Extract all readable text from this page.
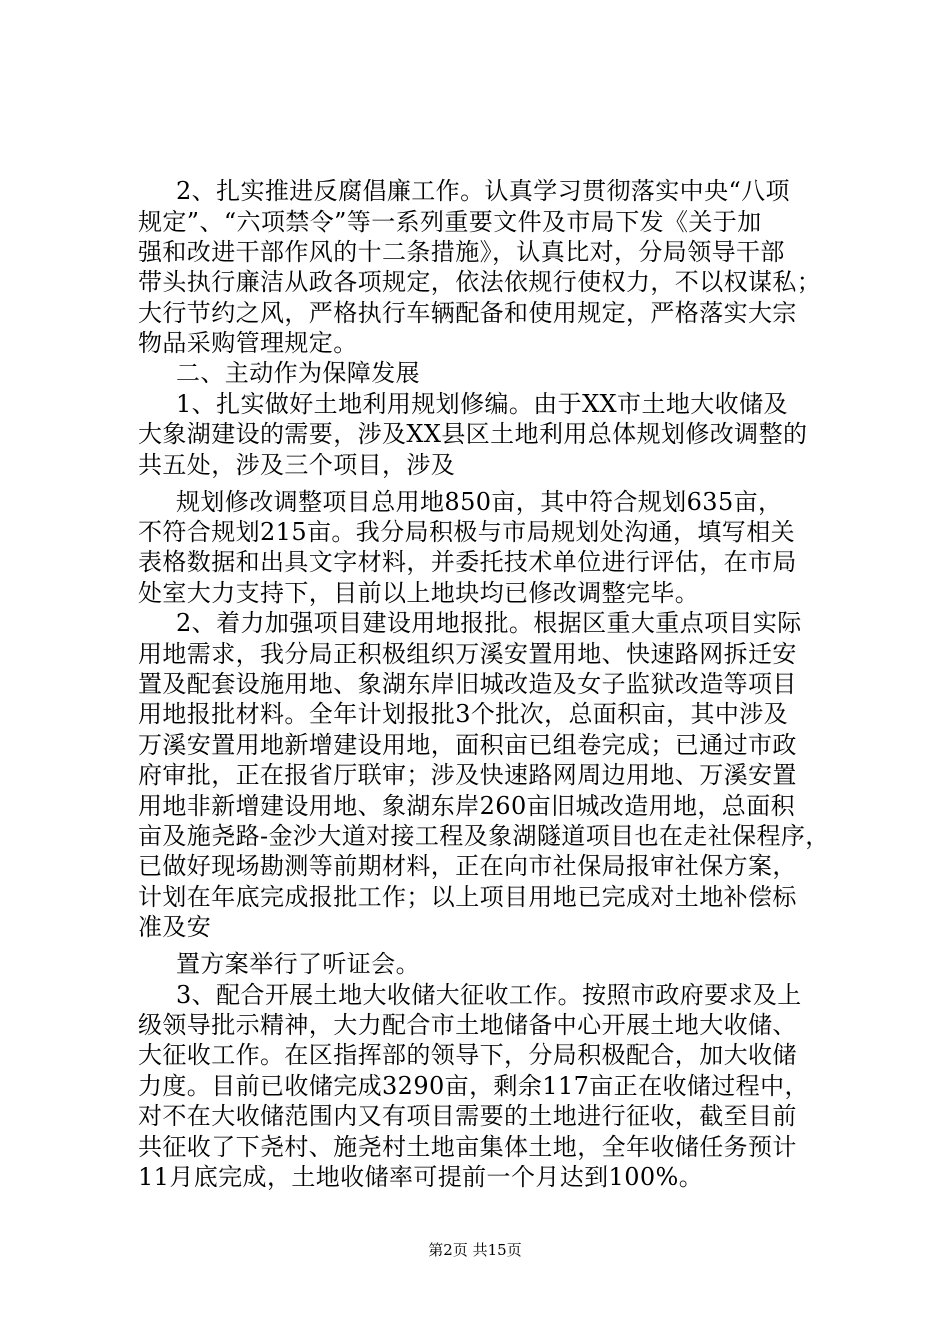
2、扎实推进反腐倡廉工作。认真学习贯彻落实中央“八项
规定”、“六项禁令”等一系列重要文件及市局下发《关于加
强和改进干部作风的十二条措施》，认真比对，分局领导干部
带头执行廉洁从政各项规定，依法依规行使权力，不以权谋私；
大行节约之风，严格执行车辆配备和使用规定，严格落实大宗
物品采购管理规定。
二、主动作为保障发展
1、扎实做好土地利用规划修编。由于XX市土地大收储及
大象湖建设的需要，涉及XX县区土地利用总体规划修改调整的
共五处，涉及三个项目，涉及
规划修改调整项目总用地850亩，其中符合规划635亩，
不符合规划215亩。我分局积极与市局规划处沟通，填写相关
表格数据和出具文字材料，并委托技术单位进行评估，在市局
处室大力支持下，目前以上地块均已修改调整完毕。
2、着力加强项目建设用地报批。根据区重大重点项目实际
用地需求，我分局正积极组织万溪安置用地、快速路网拆迁安
置及配套设施用地、象湖东岸旧城改造及女子监狱改造等项目
用地报批材料。全年计划报批3个批次，总面积亩，其中涉及
万溪安置用地新增建设用地，面积亩已组卷完成；已通过市政
府审批，正在报省厅联审；涉及快速路网周边用地、万溪安置
用地非新增建设用地、象湖东岸260亩旧城改造用地，总面积
亩及施尧路-金沙大道对接工程及象湖隧道项目也在走社保程序，
已做好现场勘测等前期材料，正在向市社保局报审社保方案，
计划在年底完成报批工作；以上项目用地已完成对土地补偿标
准及安
置方案举行了听证会。
3、配合开展土地大收储大征收工作。按照市政府要求及上
级领导批示精神，大力配合市土地储备中心开展土地大收储、
大征收工作。在区指挥部的领导下，分局积极配合，加大收储
力度。目前已收储完成3290亩，剩余117亩正在收储过程中，
对不在大收储范围内又有项目需要的土地进行征收，截至目前
共征收了下尧村、施尧村土地亩集体土地，全年收储任务预计
11月底完成，土地收储率可提前一个月达到100%。
第2页 共15页
